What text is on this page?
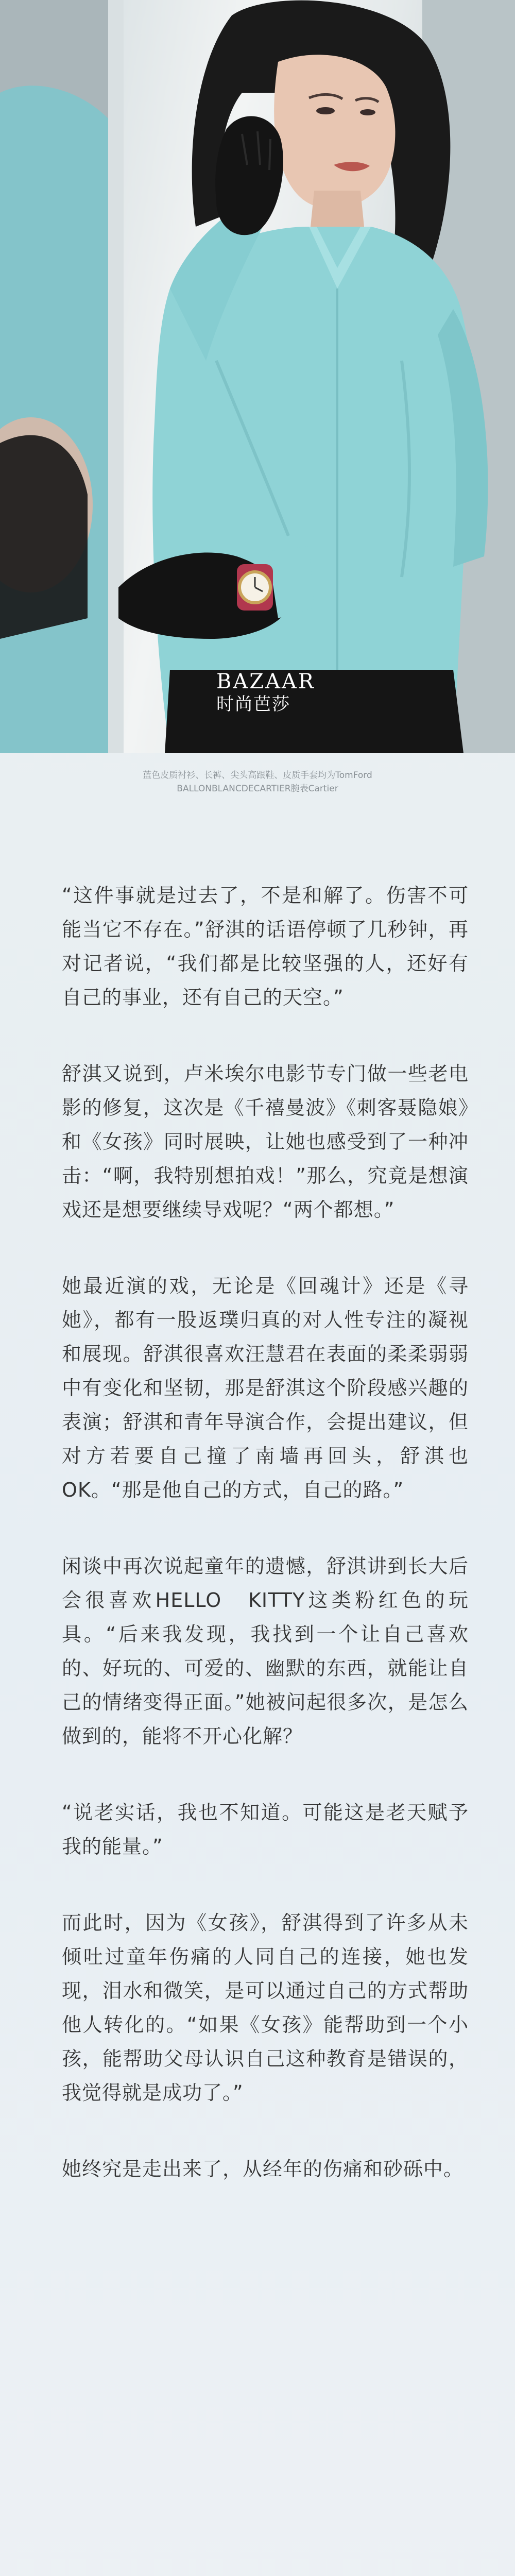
BAZAAR
时尚芭莎
蓝色皮质衬衫、长裤、尖头高跟鞋、皮质手套均为TomFord
BALLONBLANCDECARTIER腕表Cartier

“这件事就是过去了，不是和解了。伤害不可能当它不存在。”舒淇的话语停顿了几秒钟，再对记者说，“我们都是比较坚强的人，还好有自己的事业，还有自己的天空。”

舒淇又说到，卢米埃尔电影节专门做一些老电影的修复，这次是《千禧曼波》《刺客聂隐娘》和《女孩》同时展映，让她也感受到了一种冲击：“啊，我特别想拍戏！”那么，究竟是想演戏还是想要继续导戏呢？“两个都想。”

她最近演的戏，无论是《回魂计》还是《寻她》，都有一股返璞归真的对人性专注的凝视和展现。舒淇很喜欢汪慧君在表面的柔柔弱弱中有变化和坚韧，那是舒淇这个阶段感兴趣的表演；舒淇和青年导演合作，会提出建议，但对方若要自己撞了南墙再回头，舒淇也OK。“那是他自己的方式，自己的路。”

闲谈中再次说起童年的遗憾，舒淇讲到长大后会很喜欢HELLO　KITTY这类粉红色的玩具。“后来我发现，我找到一个让自己喜欢的、好玩的、可爱的、幽默的东西，就能让自己的情绪变得正面。”她被问起很多次，是怎么做到的，能将不开心化解？

“说老实话，我也不知道。可能这是老天赋予我的能量。”

而此时，因为《女孩》，舒淇得到了许多从未倾吐过童年伤痛的人同自己的连接，她也发现，泪水和微笑，是可以通过自己的方式帮助他人转化的。“如果《女孩》能帮助到一个小孩，能帮助父母认识自己这种教育是错误的，我觉得就是成功了。”

她终究是走出来了，从经年的伤痛和砂砾中。
